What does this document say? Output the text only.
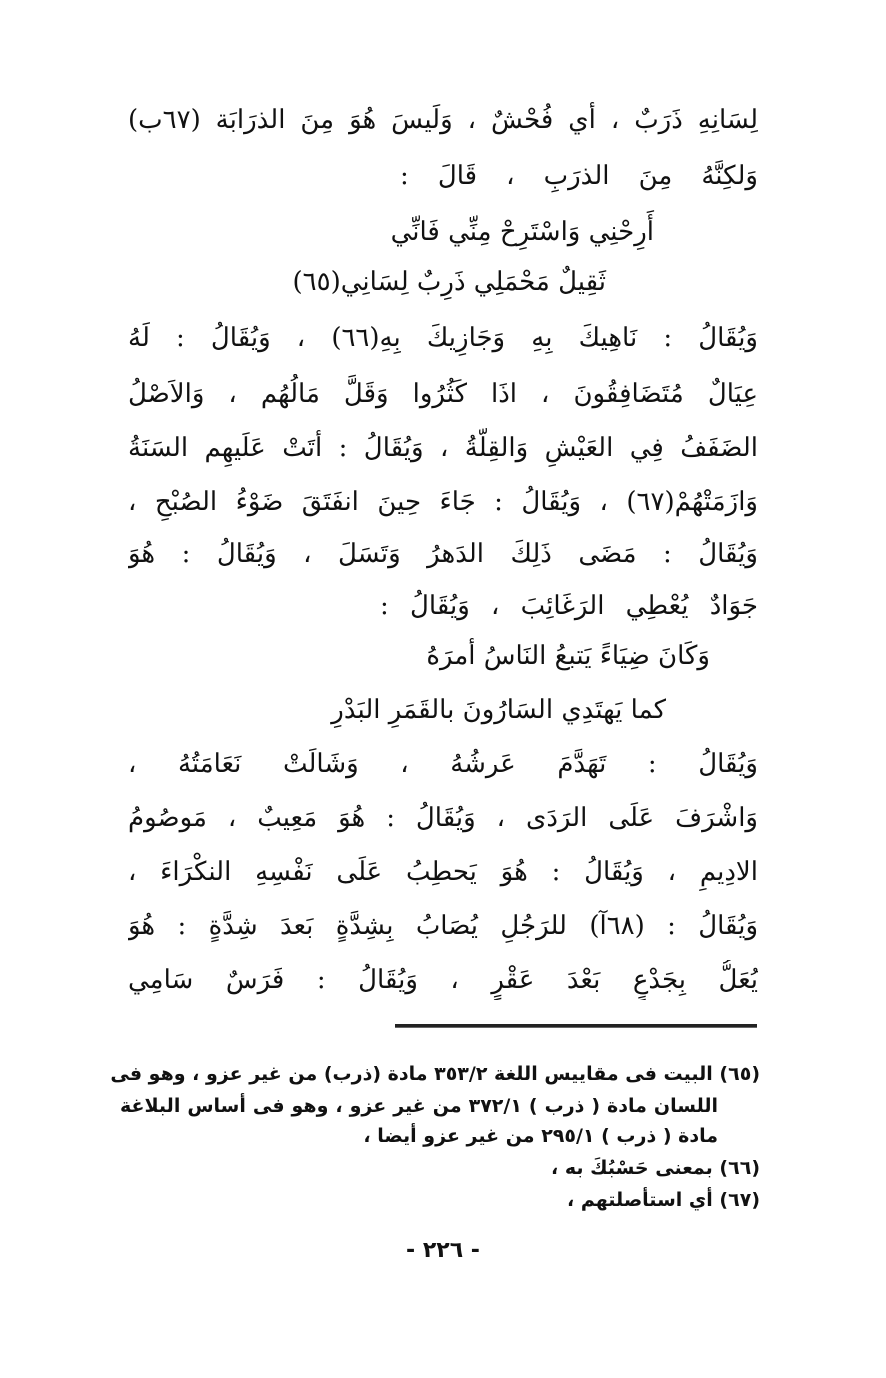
لِسَانِهِ ذَرَبٌ ، أي فُحْشٌ ، وَلَيسَ هُوَ مِنَ الذرَابَة (٦٧ب)
وَلكِنَّهُ مِنَ الذرَبِ ، قَالَ :
أَرِحْنِي وَاسْتَرِحْ مِنِّي فَانِّي
ثَقِيلٌ مَحْمَلِي ذَرِبٌ لِسَانِي(٦٥)
وَيُقَالُ : نَاهِيكَ بِهِ وَجَازِيكَ بِهِ(٦٦) ، وَيُقَالُ : لَهُ
عِيَالٌ مُتَضَافِقُونَ ، اذَا كَثُرُوا وَقَلَّ مَالُهُم ، وَالاَصْلُ
الضَفَفُ فِي العَيْشِ وَالقِلَّةُ ، وَيُقَالُ : أتَتْ عَلَيهِم السَنَةُ
وَازَمَتْهُمْ(٦٧) ، وَيُقَالُ : جَاءَ حِينَ انفَتَقَ ضَوْءُ الصُبْحِ ،
وَيُقَالُ : مَضَى ذَلِكَ الدَهرُ وَتَسَلَ ، وَيُقَالُ : هُوَ
جَوَادٌ يُعْطِي الرَغَائِبَ ، وَيُقَالُ :
وَكَانَ ضِيَاءً يَتبعُ النَاسُ أمرَهُ
كما يَهتَدِي السَارُونَ بالقَمَرِ البَدْرِ
وَيُقَالُ : تَهَدَّمَ عَرشُهُ ، وَشَالَتْ نَعَامَتُهُ ،
وَاشْرَفَ عَلَى الرَدَى ، وَيُقَالُ : هُوَ مَعِيبٌ ، مَوصُومُ
الادِيمِ ، وَيُقَالُ : هُوَ يَحطِبُ عَلَى نَفْسِهِ النكْرَاءَ ،
وَيُقَالُ : (٦٨آ) للرَجُلِ يُصَابُ بِشِدَّةٍ بَعدَ شِدَّةٍ : هُوَ
يُعَلُّ بِجَدْعٍ بَعْدَ عَقْرٍ ، وَيُقَالُ : فَرَسٌ سَامِي
(٦٥) البيت فى مقاييس اللغة ٣٥٣/٢ مادة (ذرب) من غير عزو ، وهو فى
اللسان مادة ( ذرب ) ٣٧٢/١ من غير عزو ، وهو فى أساس البلاغة
مادة ( ذرب ) ٢٩٥/١ من غير عزو أيضا ،
(٦٦) بمعنى حَسْبُكَ به ،
(٦٧) أي استأصلتهم ،
- ٢٢٦ -
